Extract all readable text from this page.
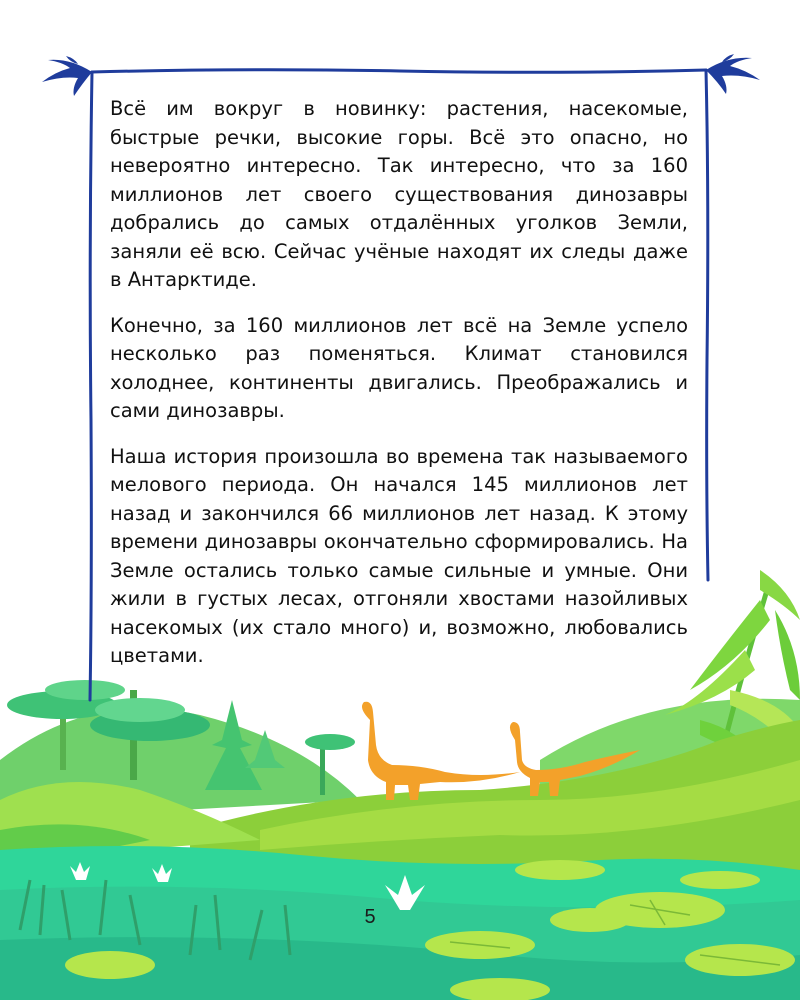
Всё им вокруг в новинку: растения, насекомые, быстрые речки, высокие горы. Всё это опасно, но невероятно интересно. Так интересно, что за 160 миллионов лет своего существования динозавры добрались до самых отдалённых уголков Земли, заняли её всю. Сейчас учёные находят их следы даже в Антарктиде.

Конечно, за 160 миллионов лет всё на Земле успело несколько раз поменяться. Климат становился холоднее, континенты двигались. Преображались и сами динозавры.

Наша история произошла во времена так называемого мелового периода. Он начался 145 миллионов лет назад и закончился 66 миллионов лет назад. К этому времени динозавры окончательно сформировались. На Земле остались только самые сильные и умные. Они жили в густых лесах, отгоняли хвостами назойливых насекомых (их стало много) и, возможно, любовались цветами.

5
